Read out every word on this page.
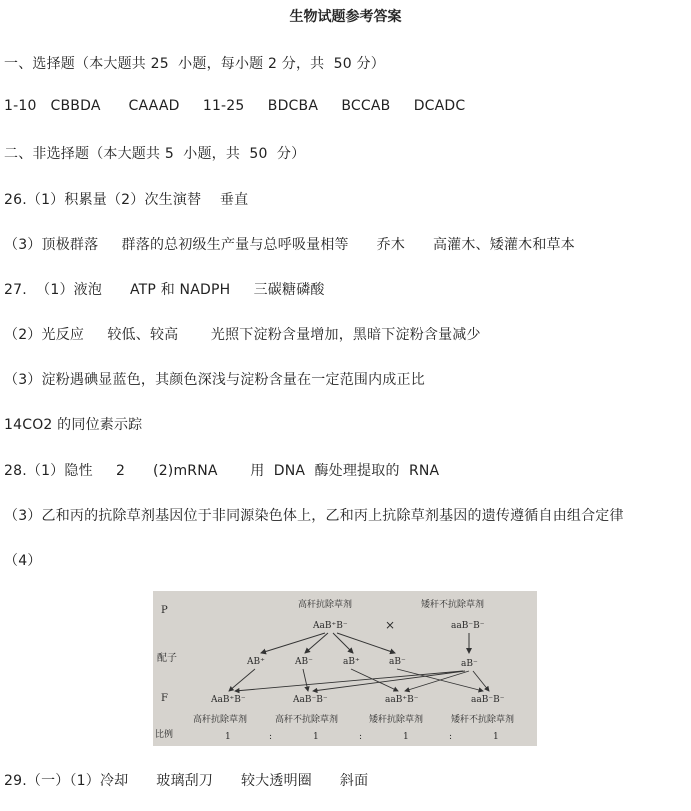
生物试题参考答案
一、选择题（本大题共 25  小题，每小题 2 分，共  50 分）
1-10   CBBDA      CAAAD     11-25     BDCBA     BCCAB     DCADC
二、非选择题（本大题共 5  小题，共  50  分）
26.（1）积累量（2）次生演替    垂直
（3）顶极群落     群落的总初级生产量与总呼吸量相等      乔木      高灌木、矮灌木和草本
27.  （1）液泡      ATP 和 NADPH     三碳糖磷酸
（2）光反应     较低、较高       光照下淀粉含量增加，黑暗下淀粉含量减少
（3）淀粉遇碘显蓝色，其颜色深浅与淀粉含量在一定范围内成正比
14CO2 的同位素示踪
28.（1）隐性     2      (2)mRNA       用  DNA  酶处理提取的  RNA
（3）乙和丙的抗除草剂基因位于非同源染色体上，乙和丙上抗除草剂基因的遗传遵循自由组合定律
（4）
P
配子
F
比例
高秆抗除草剂	矮秆不抗除草剂
AaB⁺B⁻	×	aaB⁻B⁻
AB⁺	AB⁻	aB⁺	aB⁻	aB⁻
AaB⁺B⁻	AaB⁻B⁻	aaB⁺B⁻	aaB⁻B⁻
高秆抗除草剂	高秆不抗除草剂	矮秆抗除草剂	矮秆不抗除草剂
1	:	1	:	1	:	1
29.（一）（1）冷却      玻璃刮刀      较大透明圈      斜面
